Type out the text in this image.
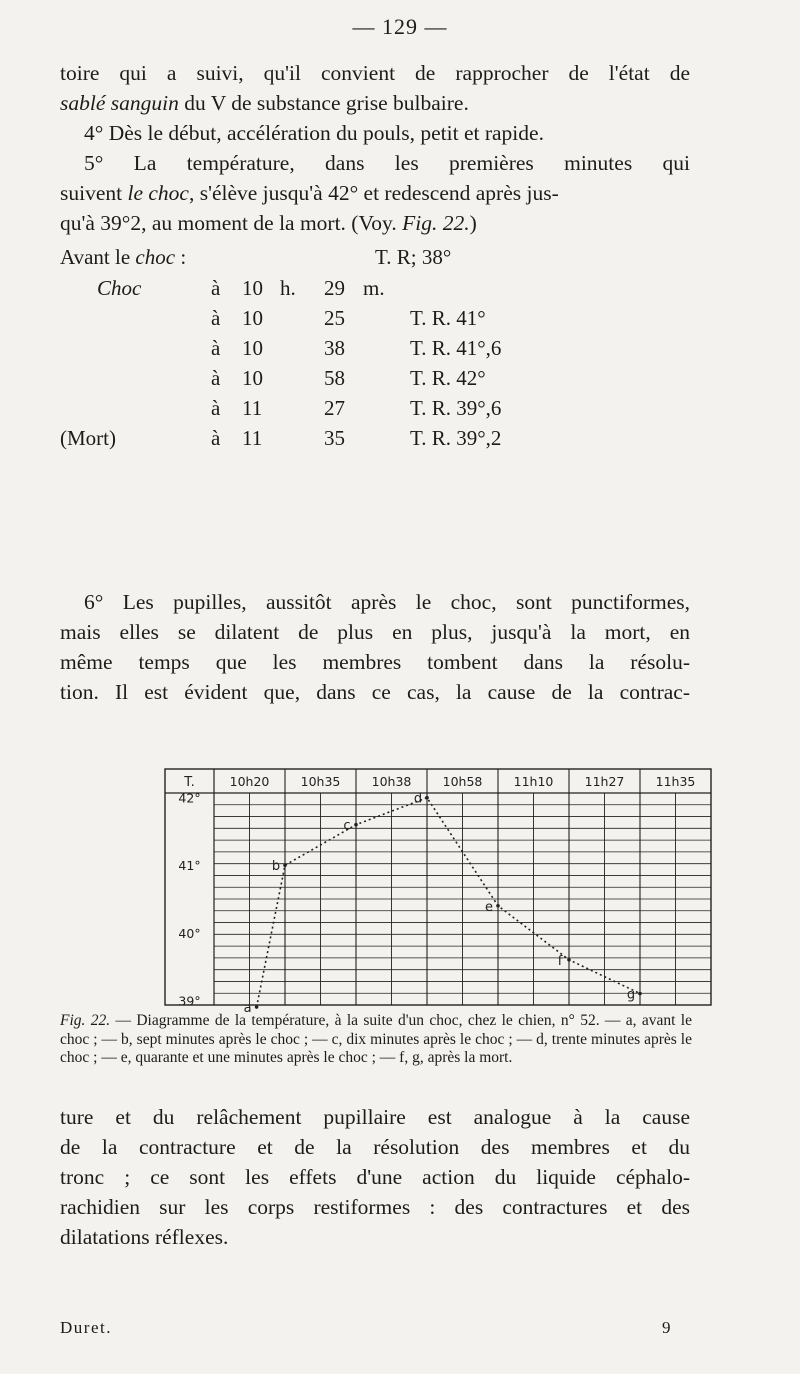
— 129 —
toire qui a suivi, qu'il convient de rapprocher de l'état de
sablé sanguin du V de substance grise bulbaire.
4° Dès le début, accélération du pouls, petit et rapide.
5° La température, dans les premières minutes qui
suivent le choc, s'élève jusqu'à 42° et redescend après jus-
qu'à 39°2, au moment de la mort. (Voy. Fig. 22.)
Avant le choc :	T. R; 38°
Choc	à 10 h. 29 m.
à 10	25	T. R. 41°
à 10	38	T. R. 41°,6
à 10	58	T. R. 42°
à 11	27	T. R. 39°,6
(Mort)	à 11	35	T. R. 39°,2
6° Les pupilles, aussitôt après le choc, sont punctiformes,
mais elles se dilatent de plus en plus, jusqu'à la mort, en
même temps que les membres tombent dans la résolu-
tion. Il est évident que, dans ce cas, la cause de la contrac-
T.	10h20	10h35	10h38	10h58	11h10	11h27	11h35
42°
41°
40°
39°
a
b
c
d
e
f
g

Fig. 22. — Diagramme de la température, à la suite d'un choc, chez le chien, n° 52. — a, avant le choc ; — b, sept minutes après le choc ; — c, dix minutes après le choc ; — d, trente minutes après le choc ; — e, quarante et une minutes après le choc ; — f, g, après la mort.

ture et du relâchement pupillaire est analogue à la cause
de la contracture et de la résolution des membres et du
tronc ; ce sont les effets d'une action du liquide céphalo-
rachidien sur les corps restiformes : des contractures et des
dilatations réflexes.
Duret.	9
